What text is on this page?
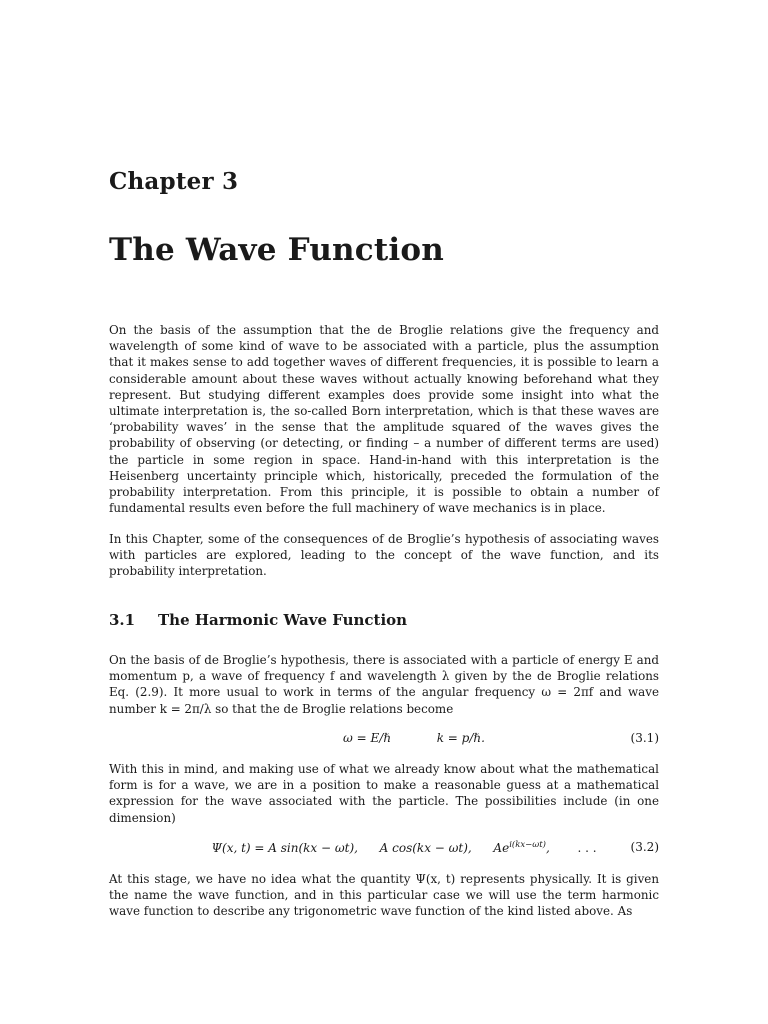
Chapter 3
The Wave Function
On the basis of the assumption that the de Broglie relations give the frequency and wavelength of some kind of wave to be associated with a particle, plus the assumption that it makes sense to add together waves of different frequencies, it is possible to learn a considerable amount about these waves without actually knowing beforehand what they represent. But studying different examples does provide some insight into what the ultimate interpretation is, the so-called Born interpretation, which is that these waves are ‘probability waves’ in the sense that the amplitude squared of the waves gives the probability of observing (or detecting, or finding – a number of different terms are used) the particle in some region in space. Hand-in-hand with this interpretation is the Heisenberg uncertainty principle which, historically, preceded the formulation of the probability interpretation. From this principle, it is possible to obtain a number of fundamental results even before the full machinery of wave mechanics is in place.
In this Chapter, some of the consequences of de Broglie’s hypothesis of associating waves with particles are explored, leading to the concept of the wave function, and its probability interpretation.
3.1 The Harmonic Wave Function
On the basis of de Broglie’s hypothesis, there is associated with a particle of energy E and momentum p, a wave of frequency f and wavelength λ given by the de Broglie relations Eq. (2.9). It more usual to work in terms of the angular frequency ω = 2πf and wave number k = 2π/λ so that the de Broglie relations become
ω = E/ℏ	k = p/ℏ.	(3.1)
With this in mind, and making use of what we already know about what the mathematical form is for a wave, we are in a position to make a reasonable guess at a mathematical expression for the wave associated with the particle. The possibilities include (in one dimension)
Ψ(x, t) = A sin(kx − ωt), A cos(kx − ωt), $Ae^{i(kx-\omega t)}$, . . .	(3.2)
At this stage, we have no idea what the quantity Ψ(x, t) represents physically. It is given the name the wave function, and in this particular case we will use the term harmonic wave function to describe any trigonometric wave function of the kind listed above. As
